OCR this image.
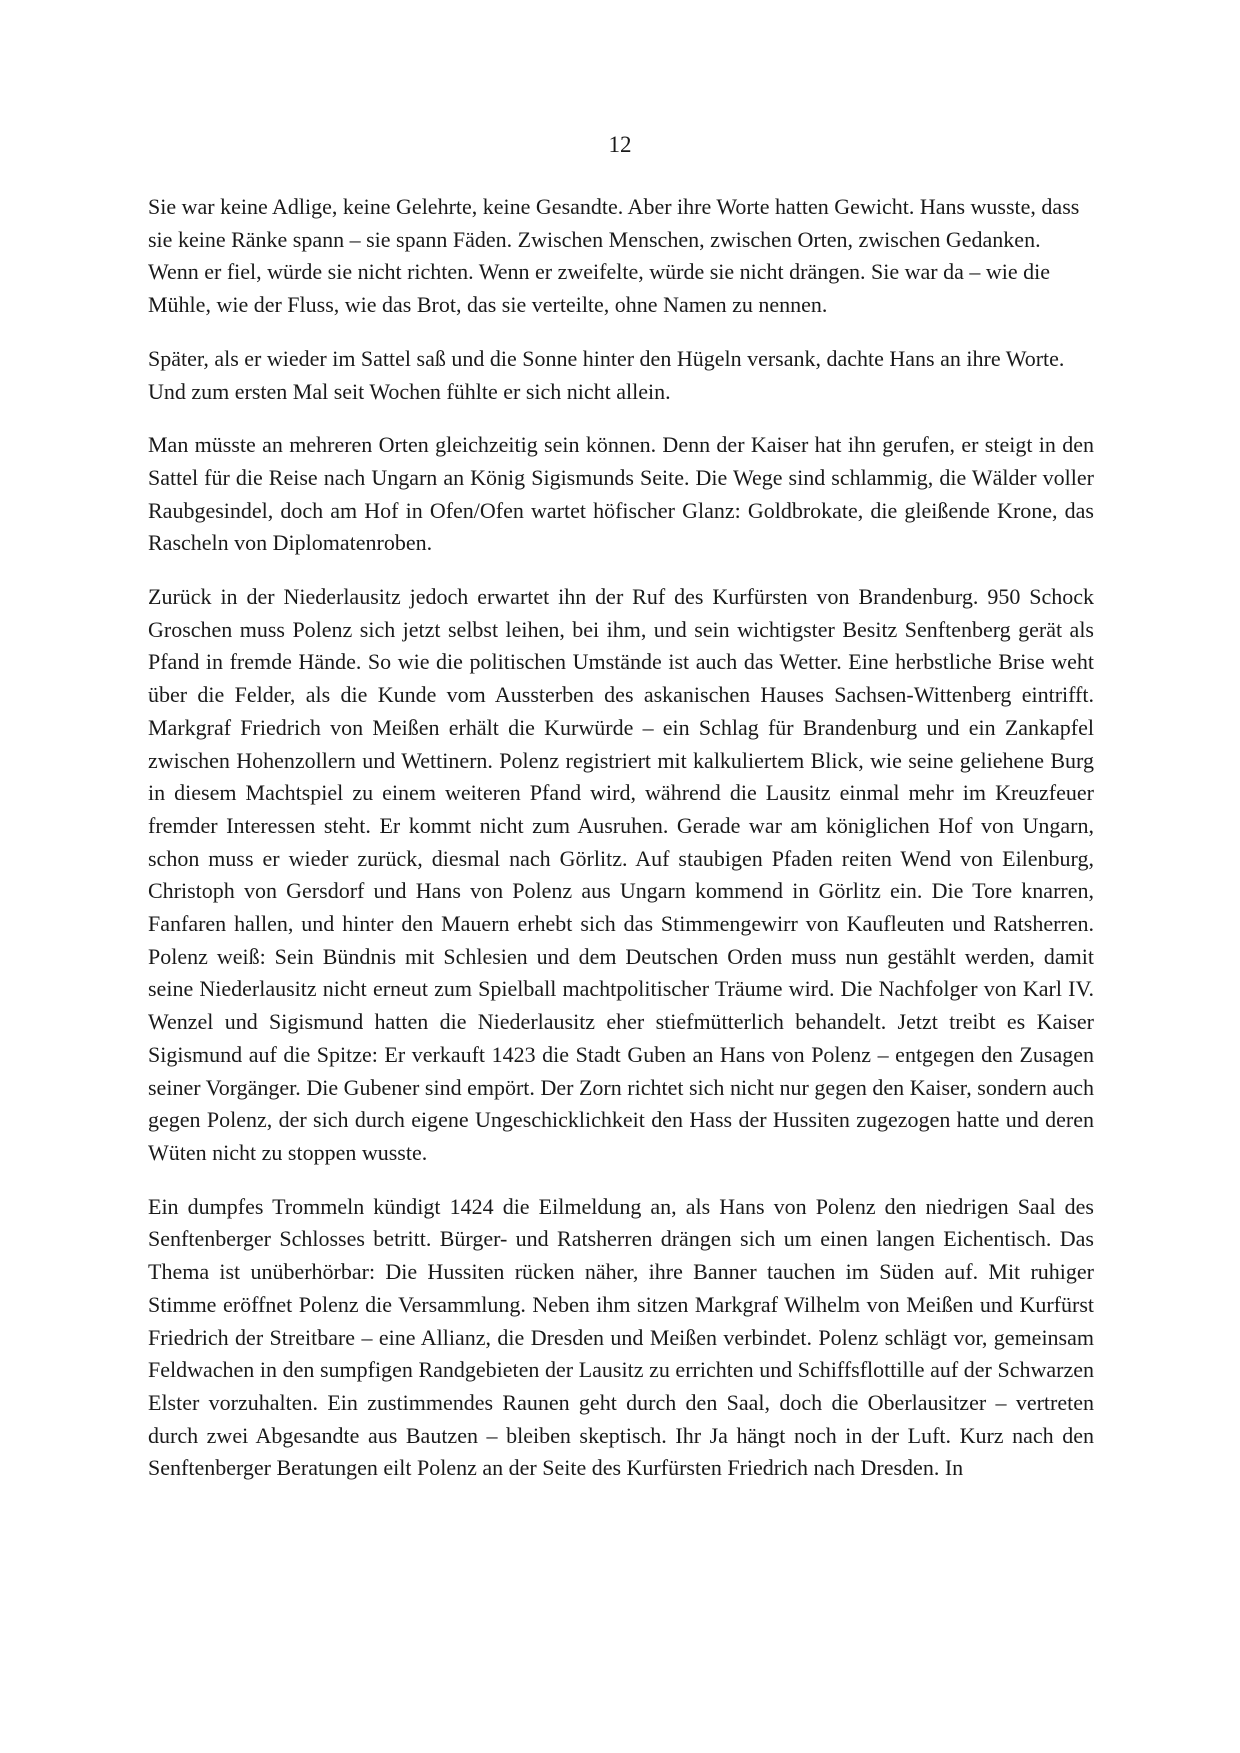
12

Sie war keine Adlige, keine Gelehrte, keine Gesandte. Aber ihre Worte hatten Gewicht. Hans wusste, dass sie keine Ränke spann – sie spann Fäden. Zwischen Menschen, zwischen Orten, zwischen Gedanken. Wenn er fiel, würde sie nicht richten. Wenn er zweifelte, würde sie nicht drängen. Sie war da – wie die Mühle, wie der Fluss, wie das Brot, das sie verteilte, ohne Namen zu nennen.

Später, als er wieder im Sattel saß und die Sonne hinter den Hügeln versank, dachte Hans an ihre Worte. Und zum ersten Mal seit Wochen fühlte er sich nicht allein.

Man müsste an mehreren Orten gleichzeitig sein können. Denn der Kaiser hat ihn gerufen, er steigt in den Sattel für die Reise nach Ungarn an König Sigismunds Seite. Die Wege sind schlammig, die Wälder voller Raubgesindel, doch am Hof in Ofen/Ofen wartet höfischer Glanz: Goldbrokate, die gleißende Krone, das Rascheln von Diplomatenroben.

Zurück in der Niederlausitz jedoch erwartet ihn der Ruf des Kurfürsten von Brandenburg. 950 Schock Groschen muss Polenz sich jetzt selbst leihen, bei ihm, und sein wichtigster Besitz Senftenberg gerät als Pfand in fremde Hände. So wie die politischen Umstände ist auch das Wetter. Eine herbstliche Brise weht über die Felder, als die Kunde vom Aussterben des askanischen Hauses Sachsen-Wittenberg eintrifft. Markgraf Friedrich von Meißen erhält die Kurwürde – ein Schlag für Brandenburg und ein Zankapfel zwischen Hohenzollern und Wettinern. Polenz registriert mit kalkuliertem Blick, wie seine geliehene Burg in diesem Machtspiel zu einem weiteren Pfand wird, während die Lausitz einmal mehr im Kreuzfeuer fremder Interessen steht. Er kommt nicht zum Ausruhen. Gerade war am königlichen Hof von Ungarn, schon muss er wieder zurück, diesmal nach Görlitz. Auf staubigen Pfaden reiten Wend von Eilenburg, Christoph von Gersdorf und Hans von Polenz aus Ungarn kommend in Görlitz ein. Die Tore knarren, Fanfaren hallen, und hinter den Mauern erhebt sich das Stimmengewirr von Kaufleuten und Ratsherren. Polenz weiß: Sein Bündnis mit Schlesien und dem Deutschen Orden muss nun gestählt werden, damit seine Niederlausitz nicht erneut zum Spielball machtpolitischer Träume wird. Die Nachfolger von Karl IV. Wenzel und Sigismund hatten die Niederlausitz eher stiefmütterlich behandelt. Jetzt treibt es Kaiser Sigismund auf die Spitze: Er verkauft 1423 die Stadt Guben an Hans von Polenz – entgegen den Zusagen seiner Vorgänger. Die Gubener sind empört. Der Zorn richtet sich nicht nur gegen den Kaiser, sondern auch gegen Polenz, der sich durch eigene Ungeschicklichkeit den Hass der Hussiten zugezogen hatte und deren Wüten nicht zu stoppen wusste.

Ein dumpfes Trommeln kündigt 1424 die Eilmeldung an, als Hans von Polenz den niedrigen Saal des Senftenberger Schlosses betritt. Bürger- und Ratsherren drängen sich um einen langen Eichentisch. Das Thema ist unüberhörbar: Die Hussiten rücken näher, ihre Banner tauchen im Süden auf. Mit ruhiger Stimme eröffnet Polenz die Versammlung. Neben ihm sitzen Markgraf Wilhelm von Meißen und Kurfürst Friedrich der Streitbare – eine Allianz, die Dresden und Meißen verbindet. Polenz schlägt vor, gemeinsam Feldwachen in den sumpfigen Randgebieten der Lausitz zu errichten und Schiffsflottille auf der Schwarzen Elster vorzuhalten. Ein zustimmendes Raunen geht durch den Saal, doch die Oberlausitzer – vertreten durch zwei Abgesandte aus Bautzen – bleiben skeptisch. Ihr Ja hängt noch in der Luft. Kurz nach den Senftenberger Beratungen eilt Polenz an der Seite des Kurfürsten Friedrich nach Dresden. In
